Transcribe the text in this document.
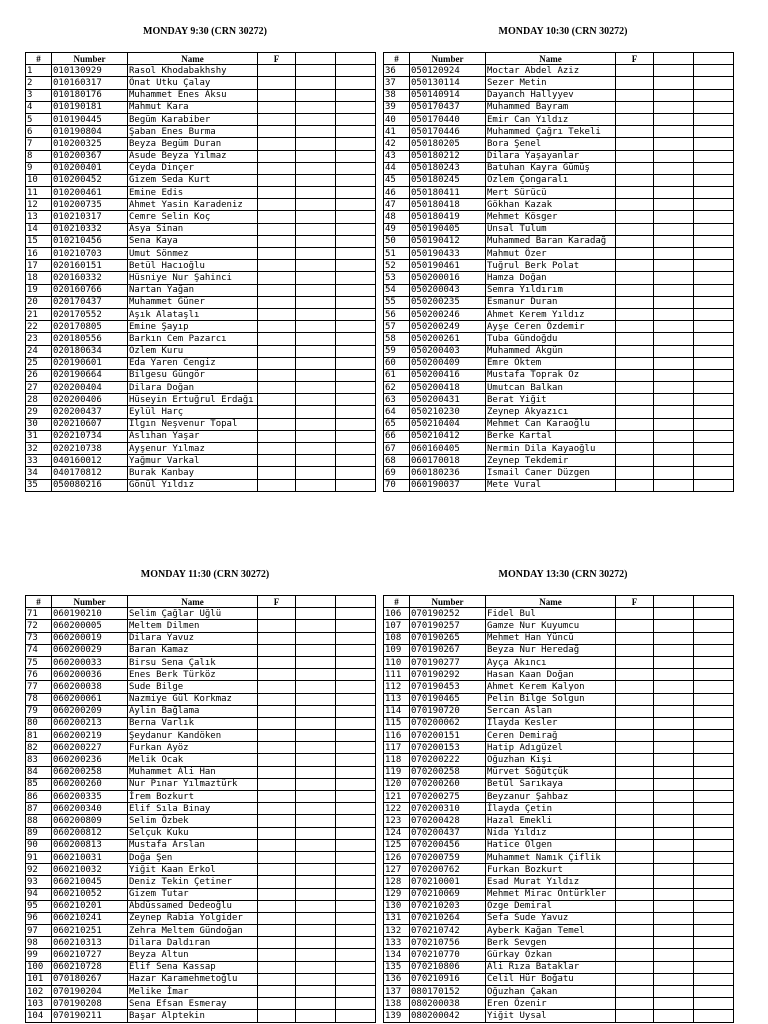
MONDAY 9:30 (CRN 30272)
#	Number	Name	F		
1	010130929	Rasol Khodabakhshy			
2	010160317	Önat Utku Çalay			
3	010180176	Muhammet Enes Aksu			
4	010190181	Mahmut Kara			
5	010190445	Begüm Karabiber			
6	010190804	Şaban Enes Burma			
7	010200325	Beyza Begüm Duran			
8	010200367	Asude Beyza Yılmaz			
9	010200401	Ceyda Dinçer			
10	010200452	Gizem Seda Kurt			
11	010200461	Emine Edis			
12	010200735	Ahmet Yasin Karadeniz			
13	010210317	Cemre Selin Koç			
14	010210332	Asya Sinan			
15	010210456	Sena Kaya			
16	010210703	Umut Sönmez			
17	020160151	Betül Hacıoğlu			
18	020160332	Hüsniye Nur Şahinci			
19	020160766	Nartan Yağan			
20	020170437	Muhammet Güner			
21	020170552	Aşık Alataşlı			
22	020170805	Emine Şayıp			
23	020180556	Barkın Cem Pazarcı			
24	020180634	Özlem Kuru			
25	020190601	Eda Yaren Cengiz			
26	020190664	Bilgesu Güngör			
27	020200404	Dilara Doğan			
28	020200406	Hüseyin Ertuğrul Erdağı			
29	020200437	Eylül Harç			
30	020210607	Ilgın Neşvenur Topal			
31	020210734	Aslıhan Yaşar			
32	020210738	Ayşenur Yılmaz			
33	040160012	Yağmur Varkal			
34	040170812	Burak Kanbay			
35	050080216	Gönül Yıldız			
MONDAY 10:30 (CRN 30272)
#	Number	Name	F		
36	050120924	Moctar Abdel Aziz			
37	050130114	Sezer Metin			
38	050140914	Dayanch Hallyyev			
39	050170437	Muhammed Bayram			
40	050170440	Emir Can Yıldız			
41	050170446	Muhammed Çağrı Tekeli			
42	050180205	Bora Şenel			
43	050180212	Dilara Yaşayanlar			
44	050180243	Batuhan Kayra Gümüş			
45	050180245	Özlem Çongaralı			
46	050180411	Mert Sürücü			
47	050180418	Gökhan Kazak			
48	050180419	Mehmet Kösger			
49	050190405	Ünsal Tulum			
50	050190412	Muhammed Baran Karadağ			
51	050190433	Mahmut Özer			
52	050190461	Tuğrul Berk Polat			
53	050200016	Hamza Doğan			
54	050200043	Semra Yıldırım			
55	050200235	Esmanur Duran			
56	050200246	Ahmet Kerem Yıldız			
57	050200249	Ayşe Ceren Özdemir			
58	050200261	Tuba Gündoğdu			
59	050200403	Muhammed Akgün			
60	050200409	Emre Öktem			
61	050200416	Mustafa Toprak Öz			
62	050200418	Umutcan Balkan			
63	050200431	Berat Yiğit			
64	050210230	Zeynep Akyazıcı			
65	050210404	Mehmet Can Karaoğlu			
66	050210412	Berke Kartal			
67	060160405	Nermin Dila Kayaoğlu			
68	060170018	Zeynep Tekdemir			
69	060180236	Ismail Caner Düzgen			
70	060190037	Mete Vural			
MONDAY 11:30 (CRN 30272)
#	Number	Name	F		
71	060190210	Selim Çağlar Uğlü			
72	060200005	Meltem Dilmen			
73	060200019	Dilara Yavuz			
74	060200029	Baran Kamaz			
75	060200033	Birsu Sena Çalık			
76	060200036	Enes Berk Türköz			
77	060200038	Sude Bilge			
78	060200061	Nazmiye Gül Korkmaz			
79	060200209	Aylin Bağlama			
80	060200213	Berna Varlık			
81	060200219	Şeydanur Kandöken			
82	060200227	Furkan Ayöz			
83	060200236	Melik Ocak			
84	060200258	Muhammet Ali Han			
85	060200260	Nur Pınar Yılmaztürk			
86	060200335	İrem Bozkurt			
87	060200340	Elif Sıla Binay			
88	060200809	Selim Özbek			
89	060200812	Selçuk Kuku			
90	060200813	Mustafa Arslan			
91	060210031	Doğa Şen			
92	060210032	Yiğit Kaan Erkol			
93	060210045	Deniz Tekin Çetiner			
94	060210052	Gizem Tutar			
95	060210201	Abdüssamed Dedeoğlu			
96	060210241	Zeynep Rabia Yolgider			
97	060210251	Zehra Meltem Gündoğan			
98	060210313	Dilara Daldıran			
99	060210727	Beyza Altun			
100	060210728	Elif Sena Kassap			
101	070180267	Hazar Karamehmetoğlu			
102	070190204	Melike İmar			
103	070190208	Sena Efsan Esmeray			
104	070190211	Başar Alptekin			
MONDAY 13:30 (CRN 30272)
#	Number	Name	F		
106	070190252	Fidel Bul			
107	070190257	Gamze Nur Kuyumcu			
108	070190265	Mehmet Han Yüncü			
109	070190267	Beyza Nur Heredağ			
110	070190277	Ayça Akıncı			
111	070190292	Hasan Kaan Doğan			
112	070190453	Ahmet Kerem Kalyon			
113	070190465	Pelin Bilge Solgun			
114	070190720	Sercan Aslan			
115	070200062	İlayda Kesler			
116	070200151	Ceren Demirağ			
117	070200153	Hatip Adıgüzel			
118	070200222	Oğuzhan Kişi			
119	070200258	Mürvet Söğütçük			
120	070200260	Betül Sarıkaya			
121	070200275	Beyzanur Şahbaz			
122	070200310	İlayda Çetin			
123	070200428	Hazal Emekli			
124	070200437	Nida Yıldız			
125	070200456	Hatice Ölgen			
126	070200759	Muhammet Namık Çiflik			
127	070200762	Furkan Bozkurt			
128	070210001	Esad Murat Yıldız			
129	070210069	Mehmet Mirac Öntürkler			
130	070210203	Özge Demiral			
131	070210264	Sefa Sude Yavuz			
132	070210742	Ayberk Kağan Temel			
133	070210756	Berk Sevgen			
134	070210770	Gürkay Özkan			
135	070210806	Ali Rıza Bataklar			
136	070210916	Celil Hür Boğatu			
137	080170152	Oğuzhan Çakan			
138	080200038	Eren Özenir			
139	080200042	Yiğit Uysal			
